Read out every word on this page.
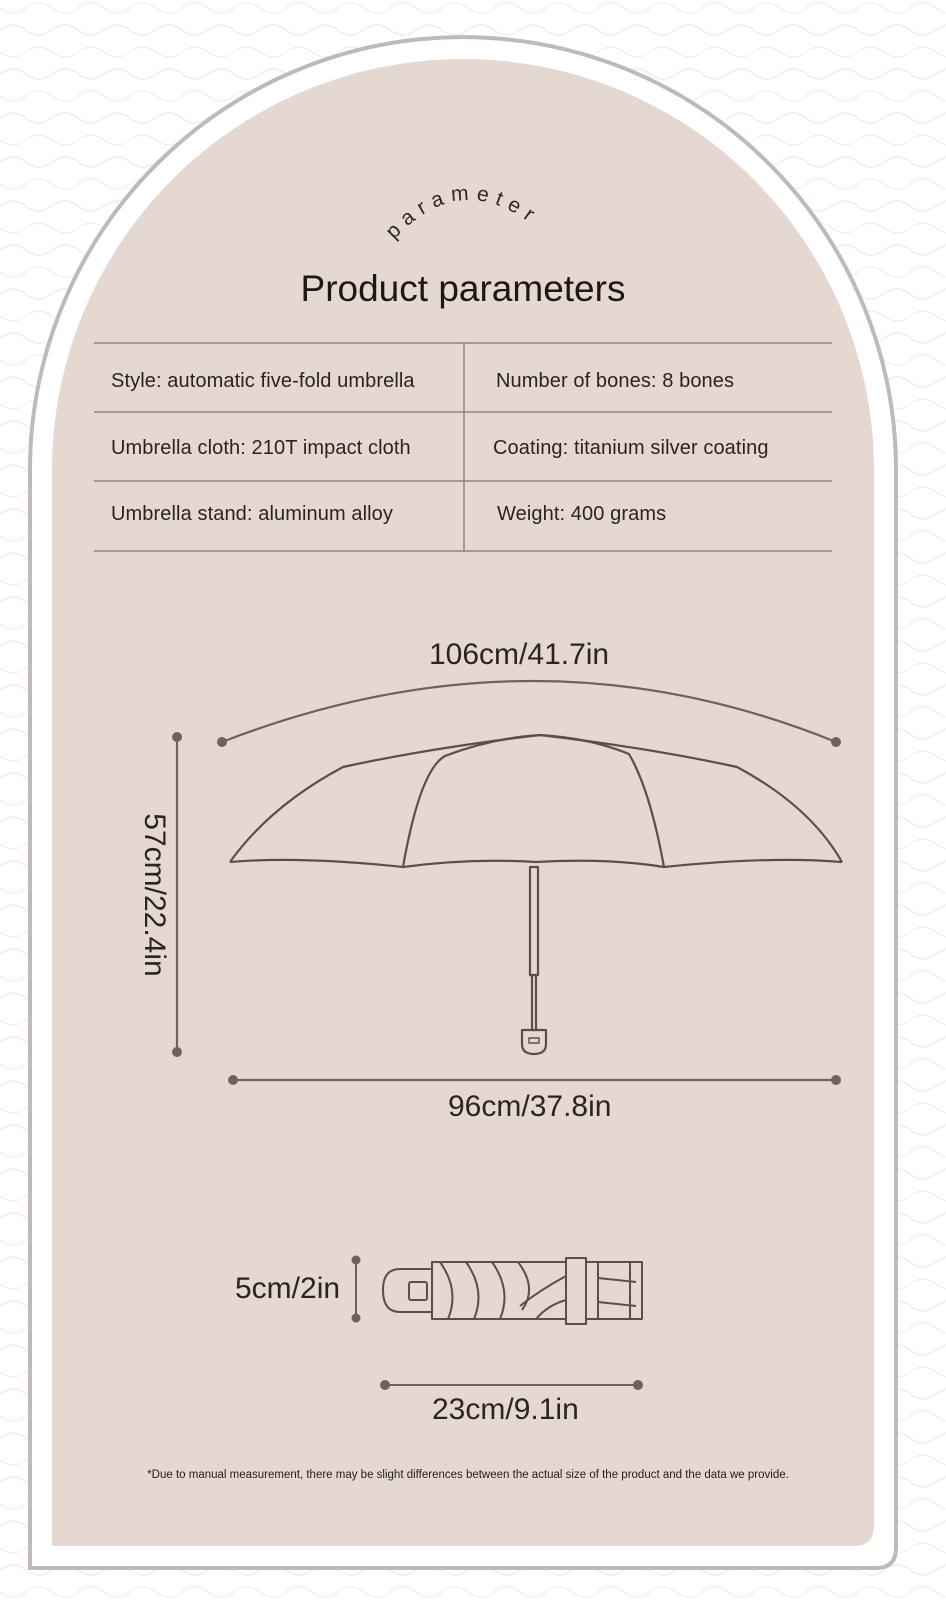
parameter
Product parameters
Style: automatic five-fold umbrella	Number of bones: 8 bones
Umbrella cloth: 210T impact cloth	Coating: titanium silver coating
Umbrella stand: aluminum alloy	Weight: 400 grams
106cm/41.7in
57cm/22.4in
96cm/37.8in
5cm/2in
23cm/9.1in
*Due to manual measurement, there may be slight differences between the actual size of the product and the data we provide.
